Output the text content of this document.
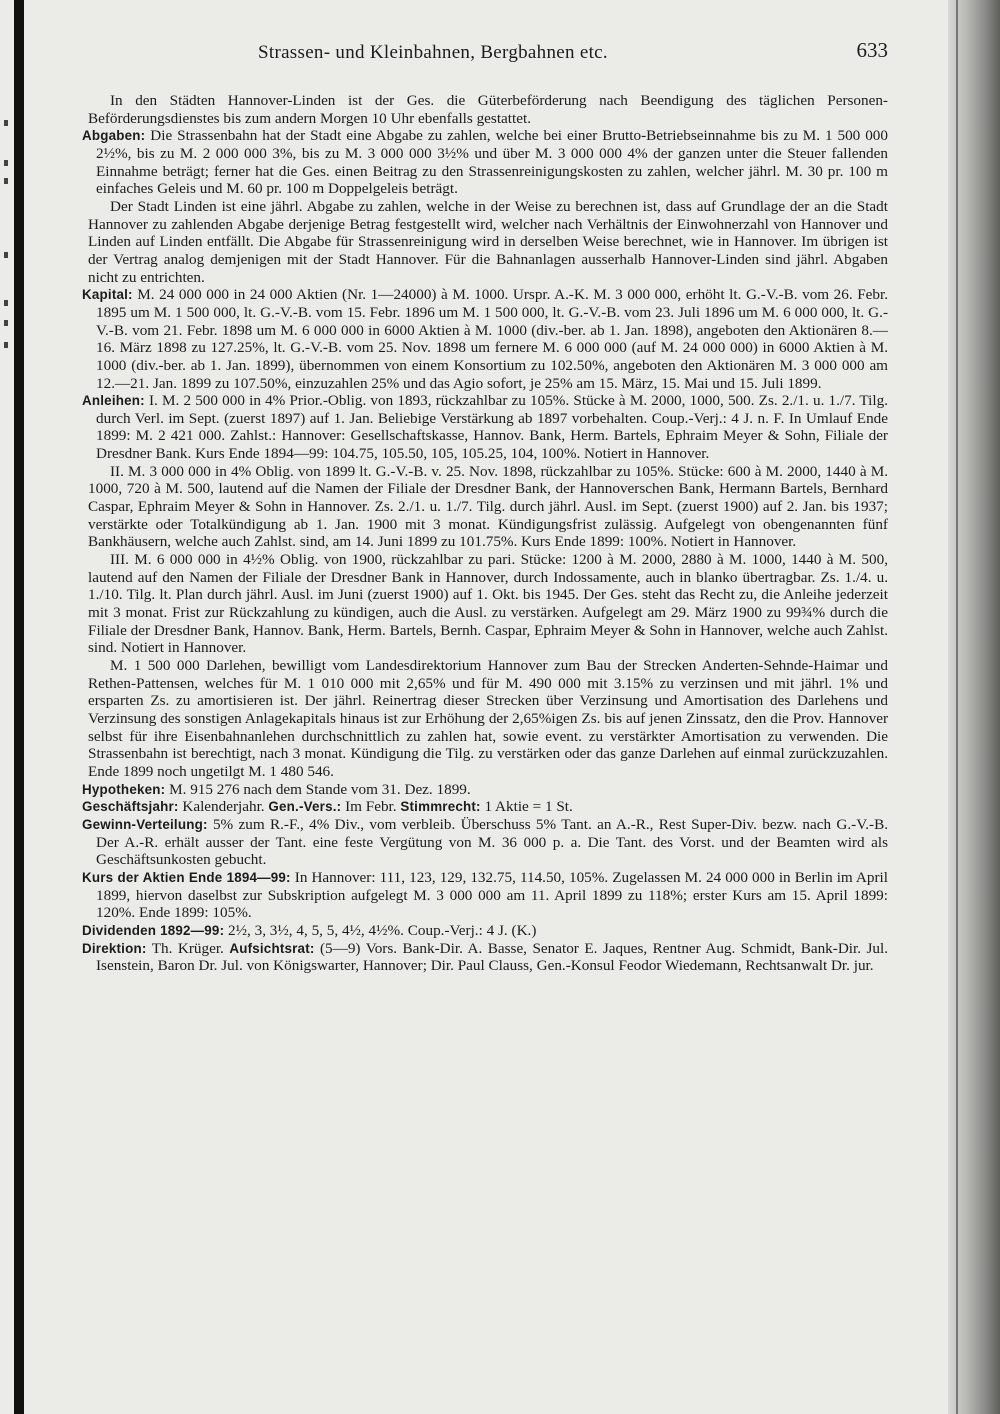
Strassen- und Kleinbahnen, Bergbahnen etc.	633

In den Städten Hannover-Linden ist der Ges. die Güterbeförderung nach Beendigung des täglichen Personen-Beförderungsdienstes bis zum andern Morgen 10 Uhr ebenfalls gestattet.

Abgaben: Die Strassenbahn hat der Stadt eine Abgabe zu zahlen, welche bei einer Brutto-Betriebseinnahme bis zu M. 1 500 000 2½%, bis zu M. 2 000 000 3%, bis zu M. 3 000 000 3½% und über M. 3 000 000 4% der ganzen unter die Steuer fallenden Einnahme beträgt; ferner hat die Ges. einen Beitrag zu den Strassenreinigungskosten zu zahlen, welcher jährl. M. 30 pr. 100 m einfaches Geleis und M. 60 pr. 100 m Doppelgeleis beträgt.

Der Stadt Linden ist eine jährl. Abgabe zu zahlen, welche in der Weise zu berechnen ist, dass auf Grundlage der an die Stadt Hannover zu zahlenden Abgabe derjenige Betrag festgestellt wird, welcher nach Verhältnis der Einwohnerzahl von Hannover und Linden auf Linden entfällt. Die Abgabe für Strassenreinigung wird in derselben Weise berechnet, wie in Hannover. Im übrigen ist der Vertrag analog demjenigen mit der Stadt Hannover. Für die Bahnanlagen ausserhalb Hannover-Linden sind jährl. Abgaben nicht zu entrichten.

Kapital: M. 24 000 000 in 24 000 Aktien (Nr. 1—24000) à M. 1000. Urspr. A.-K. M. 3 000 000, erhöht lt. G.-V.-B. vom 26. Febr. 1895 um M. 1 500 000, lt. G.-V.-B. vom 15. Febr. 1896 um M. 1 500 000, lt. G.-V.-B. vom 23. Juli 1896 um M. 6 000 000, lt. G.-V.-B. vom 21. Febr. 1898 um M. 6 000 000 in 6000 Aktien à M. 1000 (div.-ber. ab 1. Jan. 1898), angeboten den Aktionären 8.—16. März 1898 zu 127.25%, lt. G.-V.-B. vom 25. Nov. 1898 um fernere M. 6 000 000 (auf M. 24 000 000) in 6000 Aktien à M. 1000 (div.-ber. ab 1. Jan. 1899), übernommen von einem Konsortium zu 102.50%, angeboten den Aktionären M. 3 000 000 am 12.—21. Jan. 1899 zu 107.50%, einzuzahlen 25% und das Agio sofort, je 25% am 15. März, 15. Mai und 15. Juli 1899.

Anleihen: I. M. 2 500 000 in 4% Prior.-Oblig. von 1893, rückzahlbar zu 105%. Stücke à M. 2000, 1000, 500. Zs. 2./1. u. 1./7. Tilg. durch Verl. im Sept. (zuerst 1897) auf 1. Jan. Beliebige Verstärkung ab 1897 vorbehalten. Coup.-Verj.: 4 J. n. F. In Umlauf Ende 1899: M. 2 421 000. Zahlst.: Hannover: Gesellschaftskasse, Hannov. Bank, Herm. Bartels, Ephraim Meyer & Sohn, Filiale der Dresdner Bank. Kurs Ende 1894—99: 104.75, 105.50, 105, 105.25, 104, 100%. Notiert in Hannover.

II. M. 3 000 000 in 4% Oblig. von 1899 lt. G.-V.-B. v. 25. Nov. 1898, rückzahlbar zu 105%. Stücke: 600 à M. 2000, 1440 à M. 1000, 720 à M. 500, lautend auf die Namen der Filiale der Dresdner Bank, der Hannoverschen Bank, Hermann Bartels, Bernhard Caspar, Ephraim Meyer & Sohn in Hannover. Zs. 2./1. u. 1./7. Tilg. durch jährl. Ausl. im Sept. (zuerst 1900) auf 2. Jan. bis 1937; verstärkte oder Totalkündigung ab 1. Jan. 1900 mit 3 monat. Kündigungsfrist zulässig. Aufgelegt von obengenannten fünf Bankhäusern, welche auch Zahlst. sind, am 14. Juni 1899 zu 101.75%. Kurs Ende 1899: 100%. Notiert in Hannover.

III. M. 6 000 000 in 4½% Oblig. von 1900, rückzahlbar zu pari. Stücke: 1200 à M. 2000, 2880 à M. 1000, 1440 à M. 500, lautend auf den Namen der Filiale der Dresdner Bank in Hannover, durch Indossamente, auch in blanko übertragbar. Zs. 1./4. u. 1./10. Tilg. lt. Plan durch jährl. Ausl. im Juni (zuerst 1900) auf 1. Okt. bis 1945. Der Ges. steht das Recht zu, die Anleihe jederzeit mit 3 monat. Frist zur Rückzahlung zu kündigen, auch die Ausl. zu verstärken. Aufgelegt am 29. März 1900 zu 99¾% durch die Filiale der Dresdner Bank, Hannov. Bank, Herm. Bartels, Bernh. Caspar, Ephraim Meyer & Sohn in Hannover, welche auch Zahlst. sind. Notiert in Hannover.

M. 1 500 000 Darlehen, bewilligt vom Landesdirektorium Hannover zum Bau der Strecken Anderten-Sehnde-Haimar und Rethen-Pattensen, welches für M. 1 010 000 mit 2,65% und für M. 490 000 mit 3.15% zu verzinsen und mit jährl. 1% und ersparten Zs. zu amortisieren ist. Der jährl. Reinertrag dieser Strecken über Verzinsung und Amortisation des Darlehens und Verzinsung des sonstigen Anlagekapitals hinaus ist zur Erhöhung der 2,65%igen Zs. bis auf jenen Zinssatz, den die Prov. Hannover selbst für ihre Eisenbahnanlehen durchschnittlich zu zahlen hat, sowie event. zu verstärkter Amortisation zu verwenden. Die Strassenbahn ist berechtigt, nach 3 monat. Kündigung die Tilg. zu verstärken oder das ganze Darlehen auf einmal zurückzuzahlen. Ende 1899 noch ungetilgt M. 1 480 546.

Hypotheken: M. 915 276 nach dem Stande vom 31. Dez. 1899.

Geschäftsjahr: Kalenderjahr. Gen.-Vers.: Im Febr. Stimmrecht: 1 Aktie = 1 St.

Gewinn-Verteilung: 5% zum R.-F., 4% Div., vom verbleib. Überschuss 5% Tant. an A.-R., Rest Super-Div. bezw. nach G.-V.-B. Der A.-R. erhält ausser der Tant. eine feste Vergütung von M. 36 000 p. a. Die Tant. des Vorst. und der Beamten wird als Geschäftsunkosten gebucht.

Kurs der Aktien Ende 1894—99: In Hannover: 111, 123, 129, 132.75, 114.50, 105%. Zugelassen M. 24 000 000 in Berlin im April 1899, hiervon daselbst zur Subskription aufgelegt M. 3 000 000 am 11. April 1899 zu 118%; erster Kurs am 15. April 1899: 120%. Ende 1899: 105%.

Dividenden 1892—99: 2½, 3, 3½, 4, 5, 5, 4½, 4½%. Coup.-Verj.: 4 J. (K.)

Direktion: Th. Krüger. Aufsichtsrat: (5—9) Vors. Bank-Dir. A. Basse, Senator E. Jaques, Rentner Aug. Schmidt, Bank-Dir. Jul. Isenstein, Baron Dr. Jul. von Königswarter, Hannover; Dir. Paul Clauss, Gen.-Konsul Feodor Wiedemann, Rechtsanwalt Dr. jur.
